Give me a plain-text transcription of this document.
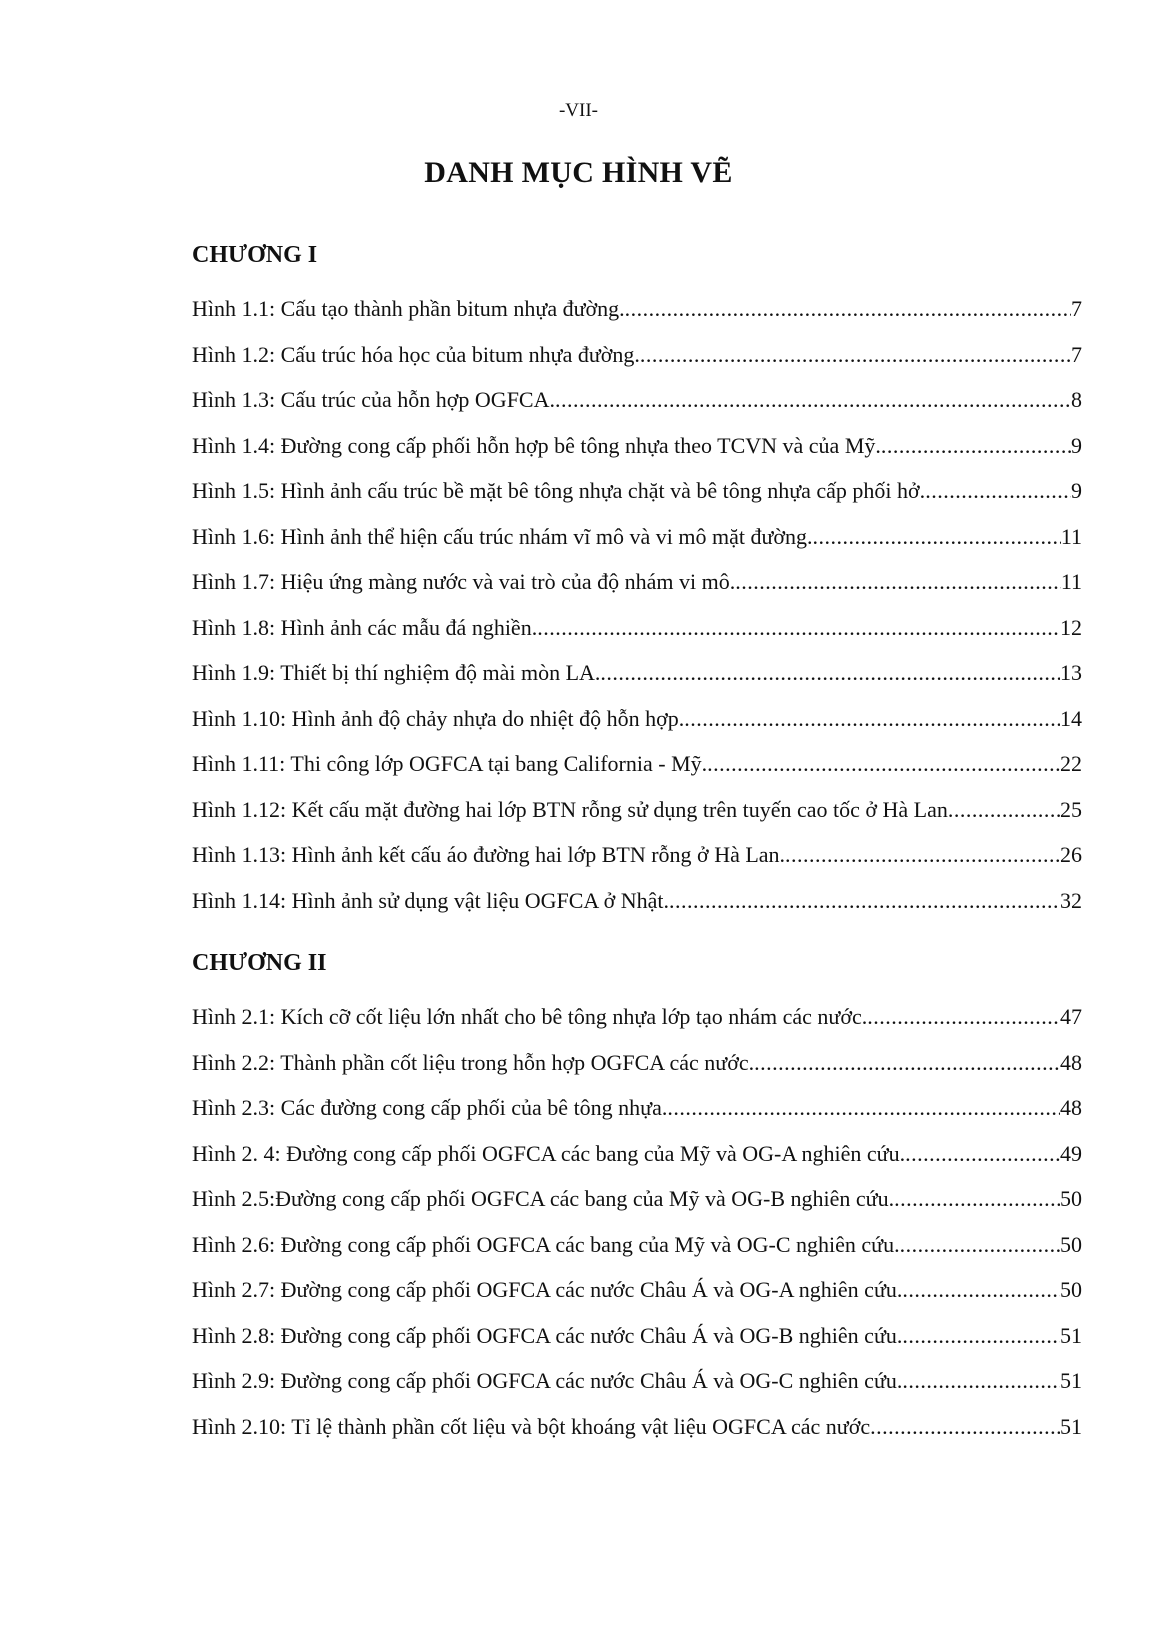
-VII-
DANH MỤC HÌNH VẼ
CHƯƠNG I
Hình 1.1: Cấu tạo thành phần bitum nhựa đường. .....	7
Hình 1.2: Cấu trúc hóa học của bitum nhựa đường. .....	7
Hình 1.3: Cấu trúc của hỗn hợp OGFCA. .....	8
Hình 1.4: Đường cong cấp phối hỗn hợp bê tông nhựa theo TCVN và của Mỹ. .....	9
Hình 1.5: Hình ảnh cấu trúc bề mặt bê tông nhựa chặt và bê tông nhựa cấp phối hở. .....	9
Hình 1.6: Hình ảnh thể hiện cấu trúc nhám vĩ mô và vi mô mặt đường. .....	11
Hình 1.7: Hiệu ứng màng nước và vai trò của độ nhám vi mô. .....	11
Hình 1.8: Hình ảnh các mẫu đá nghiền. .....	12
Hình 1.9: Thiết bị thí nghiệm độ mài mòn LA. .....	13
Hình 1.10: Hình ảnh độ chảy nhựa do nhiệt độ hỗn hợp. .....	14
Hình 1.11: Thi công lớp OGFCA tại bang California - Mỹ. .....	22
Hình 1.12: Kết cấu mặt đường hai lớp BTN rỗng sử dụng trên tuyến cao tốc ở Hà Lan .....	25
Hình 1.13: Hình ảnh kết cấu áo đường hai lớp BTN rỗng ở Hà Lan. .....	26
Hình 1.14: Hình ảnh sử dụng vật liệu OGFCA ở Nhật. .....	32
CHƯƠNG II
Hình 2.1: Kích cỡ cốt liệu lớn nhất cho bê tông nhựa lớp tạo nhám các nước. .....	47
Hình 2.2: Thành phần cốt liệu trong hỗn hợp OGFCA các nước. .....	48
Hình 2.3: Các đường cong cấp phối của bê tông nhựa. .....	48
Hình 2. 4: Đường cong cấp phối OGFCA các bang của Mỹ và OG-A nghiên cứu. .....	49
Hình 2.5:Đường cong cấp phối OGFCA các bang của Mỹ và OG-B nghiên cứu. .....	50
Hình 2.6: Đường cong cấp phối OGFCA các bang của Mỹ và OG-C nghiên cứu. .....	50
Hình 2.7: Đường cong cấp phối OGFCA các nước Châu Á và OG-A nghiên cứu. .....	50
Hình 2.8: Đường cong cấp phối OGFCA các nước Châu Á và OG-B nghiên cứu. .....	51
Hình 2.9: Đường cong cấp phối OGFCA các nước Châu Á và OG-C nghiên cứu. .....	51
Hình 2.10: Tỉ lệ thành phần cốt liệu và bột khoáng vật liệu OGFCA các nước .....	51
